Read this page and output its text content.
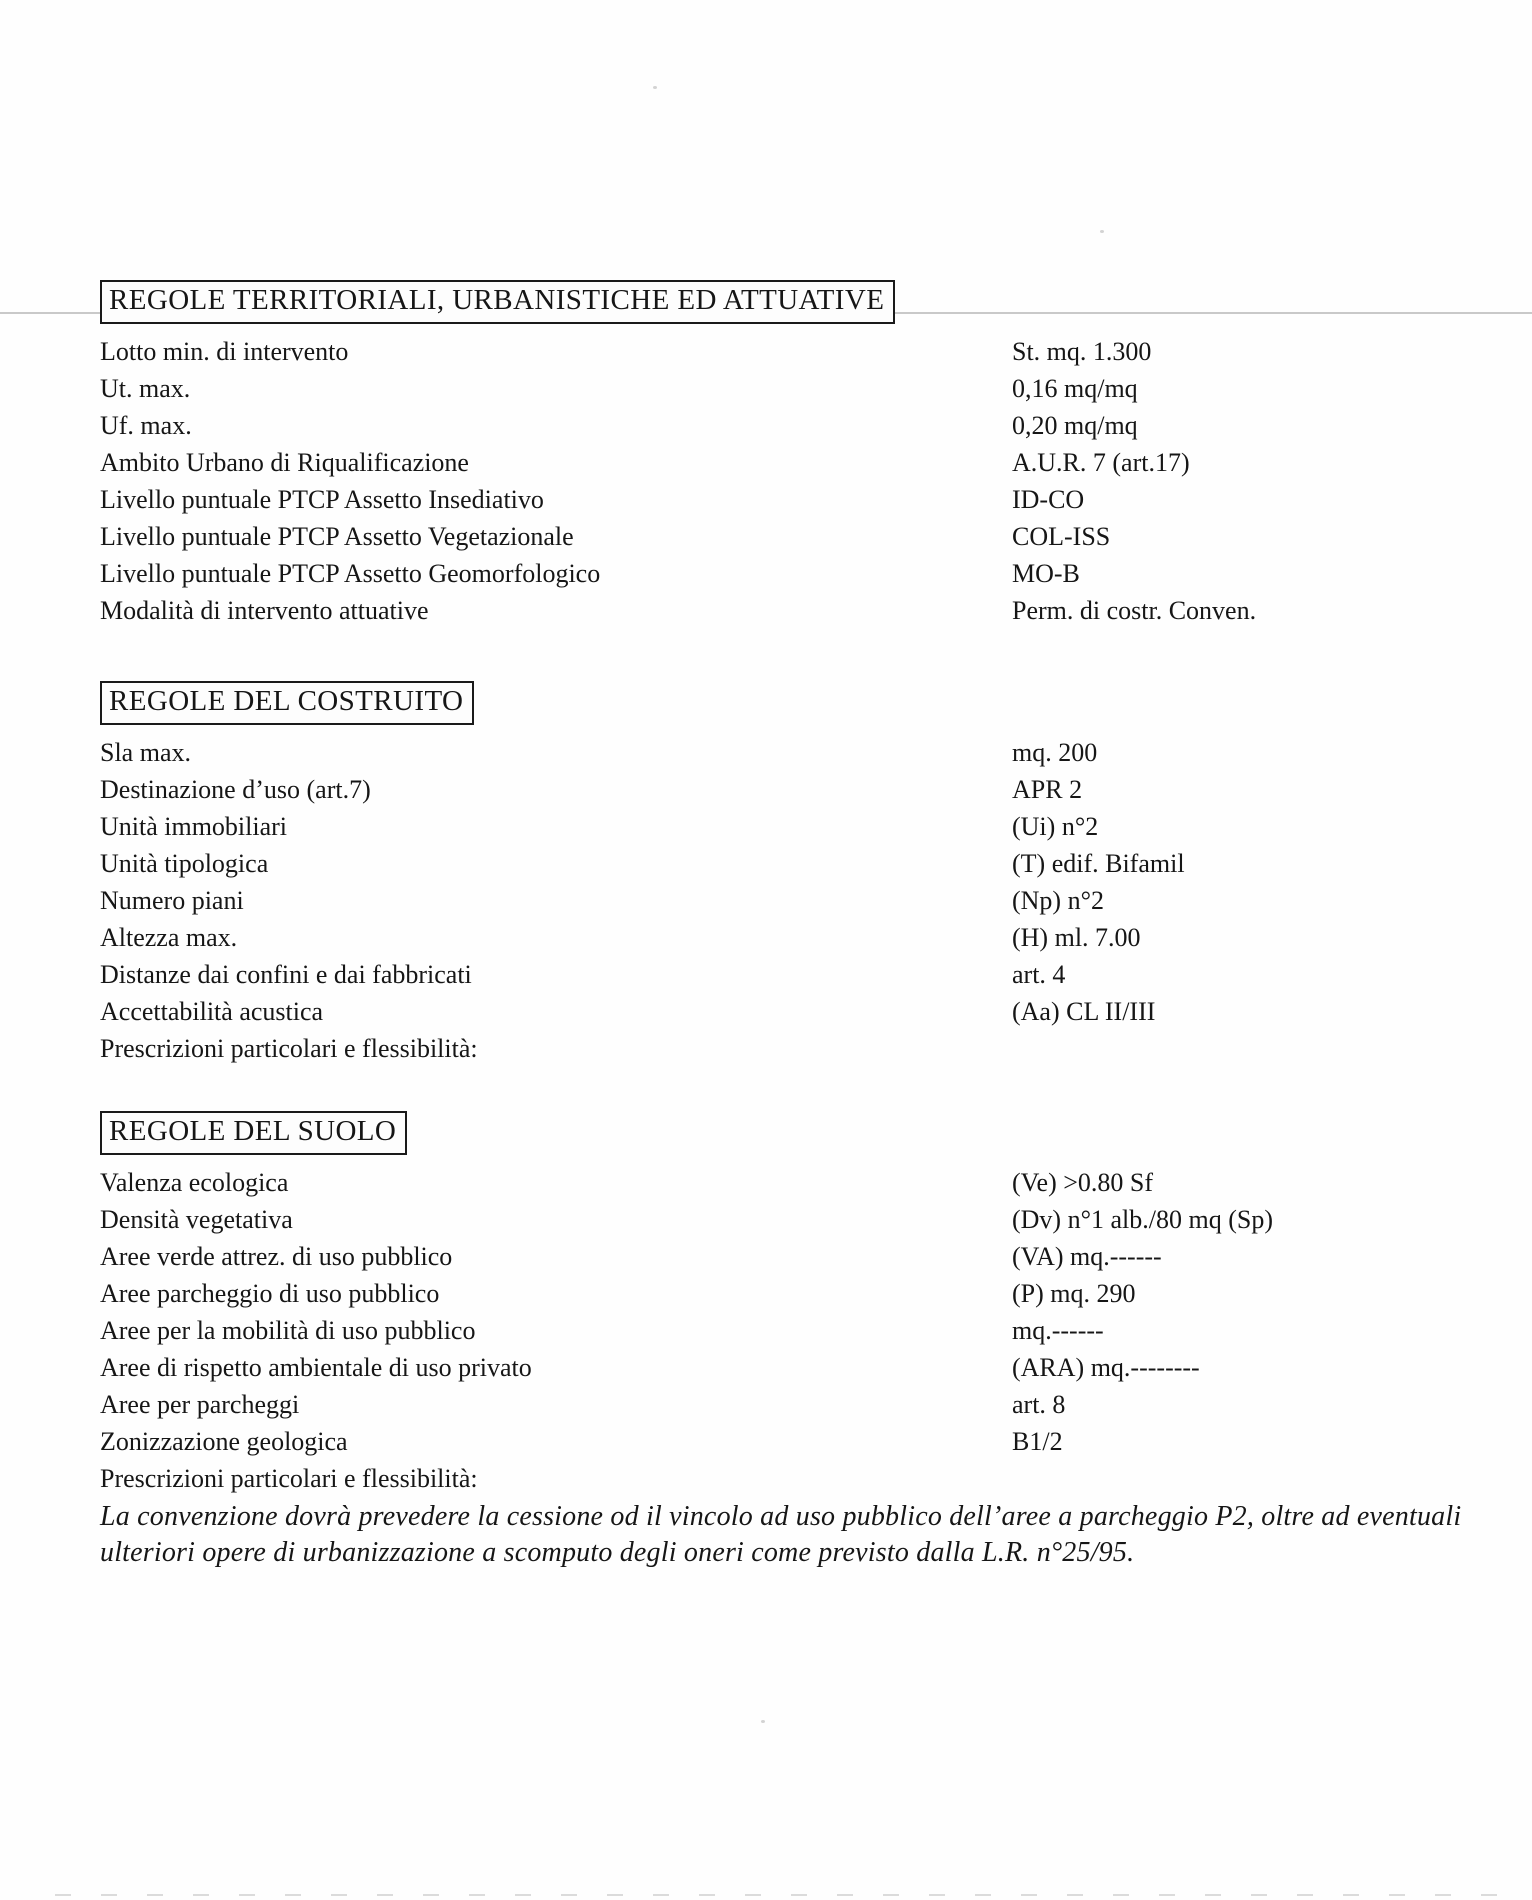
REGOLE TERRITORIALI, URBANISTICHE ED ATTUATIVE
Lotto min. di intervento	St. mq. 1.300
Ut. max.	0,16 mq/mq
Uf. max.	0,20 mq/mq
Ambito Urbano di Riqualificazione	A.U.R. 7 (art.17)
Livello puntuale PTCP Assetto Insediativo	ID-CO
Livello puntuale PTCP Assetto Vegetazionale	COL-ISS
Livello puntuale PTCP Assetto Geomorfologico	MO-B
Modalità di intervento attuative	Perm. di costr. Conven.
REGOLE DEL COSTRUITO
Sla max.	mq. 200
Destinazione d’uso (art.7)	APR 2
Unità immobiliari	(Ui) n°2
Unità tipologica	(T) edif. Bifamil
Numero piani	(Np) n°2
Altezza max.	(H) ml. 7.00
Distanze dai confini e dai fabbricati	art. 4
Accettabilità acustica	(Aa) CL II/III
Prescrizioni particolari e flessibilità:
REGOLE DEL SUOLO
Valenza ecologica	(Ve) >0.80 Sf
Densità vegetativa	(Dv) n°1 alb./80 mq (Sp)
Aree verde attrez. di uso pubblico	(VA) mq.------
Aree parcheggio di uso pubblico	(P) mq. 290
Aree per la mobilità di uso pubblico	mq.------
Aree di rispetto ambientale di uso privato	(ARA) mq.--------
Aree per parcheggi	art. 8
Zonizzazione geologica	B1/2
Prescrizioni particolari e flessibilità:

La convenzione dovrà prevedere la cessione od il vincolo ad uso pubblico dell’aree a parcheggio P2, oltre ad eventuali ulteriori opere di urbanizzazione a scomputo degli oneri come previsto dalla L.R. n°25/95.
